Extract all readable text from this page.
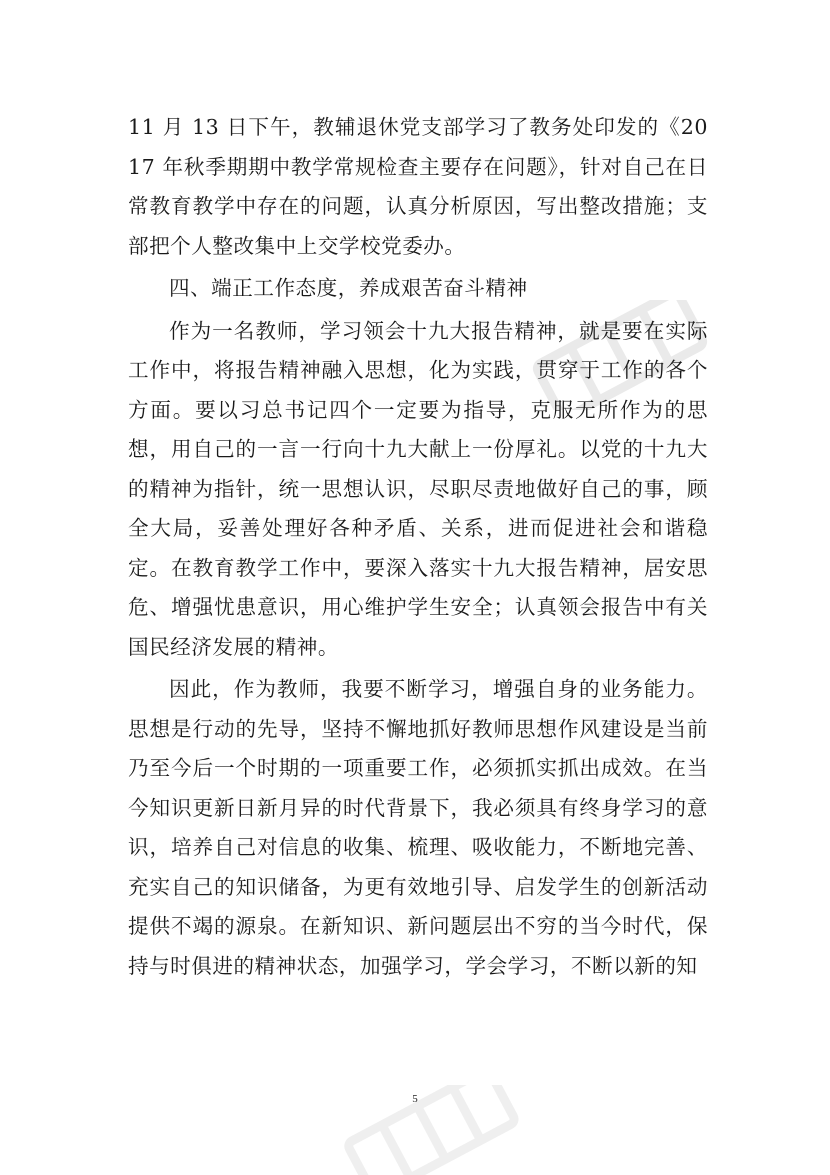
11 月 13 日下午，教辅退休党支部学习了教务处印发的《2017 年秋季期期中教学常规检查主要存在问题》，针对自己在日常教育教学中存在的问题，认真分析原因，写出整改措施；支部把个人整改集中上交学校党委办。

四、端正工作态度，养成艰苦奋斗精神

作为一名教师，学习领会十九大报告精神，就是要在实际工作中，将报告精神融入思想，化为实践，贯穿于工作的各个方面。要以习总书记四个一定要为指导，克服无所作为的思想，用自己的一言一行向十九大献上一份厚礼。以党的十九大的精神为指针，统一思想认识，尽职尽责地做好自己的事，顾全大局，妥善处理好各种矛盾、关系，进而促进社会和谐稳定。在教育教学工作中，要深入落实十九大报告精神，居安思危、增强忧患意识，用心维护学生安全；认真领会报告中有关国民经济发展的精神。

因此，作为教师，我要不断学习，增强自身的业务能力。思想是行动的先导，坚持不懈地抓好教师思想作风建设是当前乃至今后一个时期的一项重要工作，必须抓实抓出成效。在当今知识更新日新月异的时代背景下，我必须具有终身学习的意识，培养自己对信息的收集、梳理、吸收能力，不断地完善、充实自己的知识储备，为更有效地引导、启发学生的创新活动提供不竭的源泉。在新知识、新问题层出不穷的当今时代，保持与时俱进的精神状态，加强学习，学会学习，不断以新的知

5
